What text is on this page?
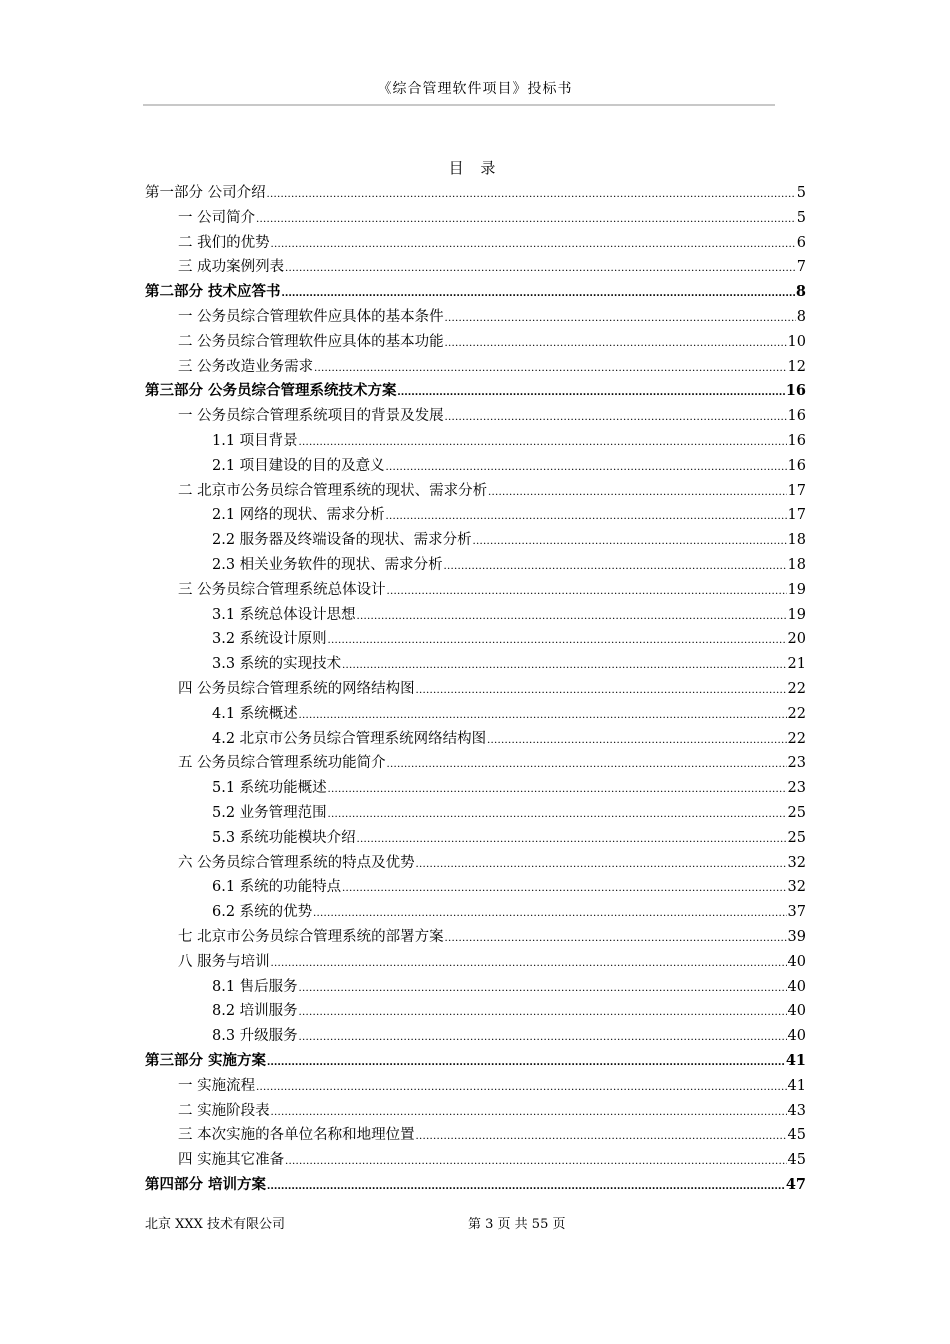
《综合管理软件项目》投标书
目 录
第一部分 公司介绍 .....	5
一 公司简介 .....	5
二 我们的优势 .....	6
三 成功案例列表 .....	7
第二部分 技术应答书 .....	8
一 公务员综合管理软件应具体的基本条件 .....	8
二 公务员综合管理软件应具体的基本功能 .....	10
三 公务改造业务需求 .....	12
第三部分 公务员综合管理系统技术方案 .....	16
一 公务员综合管理系统项目的背景及发展 .....	16
1.1 项目背景 .....	16
2.1 项目建设的目的及意义 .....	16
二 北京市公务员综合管理系统的现状、需求分析 .....	17
2.1 网络的现状、需求分析 .....	17
2.2 服务器及终端设备的现状、需求分析 .....	18
2.3 相关业务软件的现状、需求分析 .....	18
三 公务员综合管理系统总体设计 .....	19
3.1 系统总体设计思想 .....	19
3.2 系统设计原则 .....	20
3.3 系统的实现技术 .....	21
四 公务员综合管理系统的网络结构图 .....	22
4.1 系统概述 .....	22
4.2 北京市公务员综合管理系统网络结构图 .....	22
五 公务员综合管理系统功能简介 .....	23
5.1 系统功能概述 .....	23
5.2 业务管理范围 .....	25
5.3 系统功能模块介绍 .....	25
六 公务员综合管理系统的特点及优势 .....	32
6.1 系统的功能特点 .....	32
6.2 系统的优势 .....	37
七 北京市公务员综合管理系统的部署方案 .....	39
八 服务与培训 .....	40
8.1 售后服务 .....	40
8.2 培训服务 .....	40
8.3 升级服务 .....	40
第三部分 实施方案 .....	41
一 实施流程 .....	41
二 实施阶段表 .....	43
三 本次实施的各单位名称和地理位置 .....	45
四 实施其它准备 .....	45
第四部分 培训方案 .....	47
北京 XXX 技术有限公司	第 3 页 共 55 页
